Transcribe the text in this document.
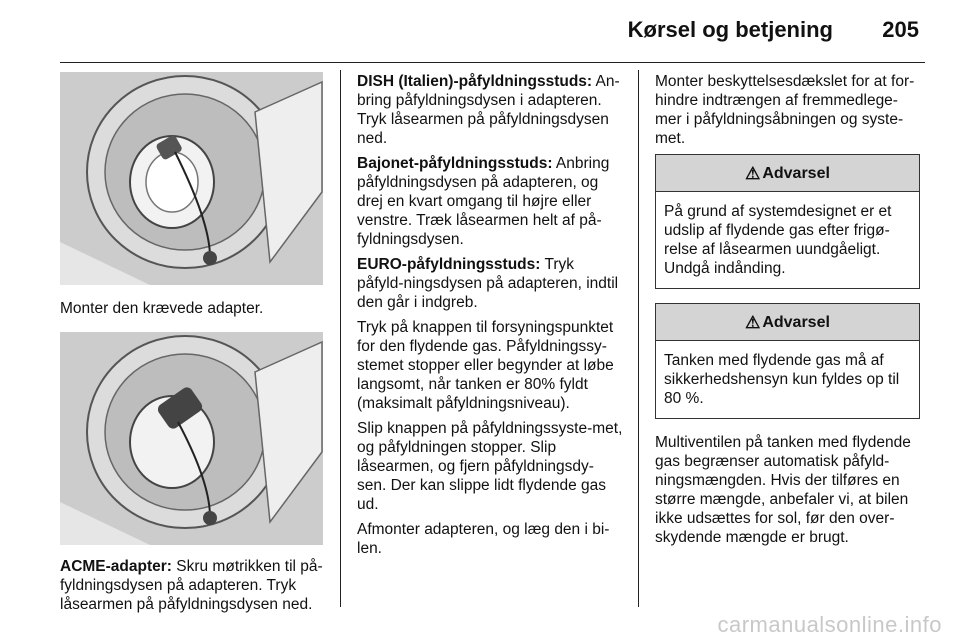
Kørsel og betjening 205

Monter den krævede adapter.

ACME-adapter: Skru møtrikken til på-fyldningsdysen på adapteren. Tryk låsearmen på påfyldningsdysen ned.

DISH (Italien)-påfyldningsstuds: An-bring påfyldningsdysen i adapteren. Tryk låsearmen på påfyldningsdysen ned.

Bajonet-påfyldningsstuds: Anbring påfyldningsdysen på adapteren, og drej en kvart omgang til højre eller venstre. Træk låsearmen helt af på-fyldningsdysen.

EURO-påfyldningsstuds: Tryk påfyld-ningsdysen på adapteren, indtil den går i indgreb.

Tryk på knappen til forsyningspunktet for den flydende gas. Påfyldningssy-stemet stopper eller begynder at løbe langsomt, når tanken er 80% fyldt (maksimalt påfyldningsniveau).

Slip knappen på påfyldningssyste-met, og påfyldningen stopper. Slip låsearmen, og fjern påfyldningsdy-sen. Der kan slippe lidt flydende gas ud.

Afmonter adapteren, og læg den i bi-len.

Monter beskyttelsesdækslet for at for-hindre indtrængen af fremmedlege-mer i påfyldningsåbningen og syste-met.

⚠ Advarsel
På grund af systemdesignet er et udslip af flydende gas efter frigø-relse af låsearmen uundgåeligt. Undgå indånding.
⚠ Advarsel
Tanken med flydende gas må af sikkerhedshensyn kun fyldes op til 80 %.

Multiventilen på tanken med flydende gas begrænser automatisk påfyld-ningsmængden. Hvis der tilføres en større mængde, anbefaler vi, at bilen ikke udsættes for sol, før den over-skydende mængde er brugt.

carmanualsonline.info
